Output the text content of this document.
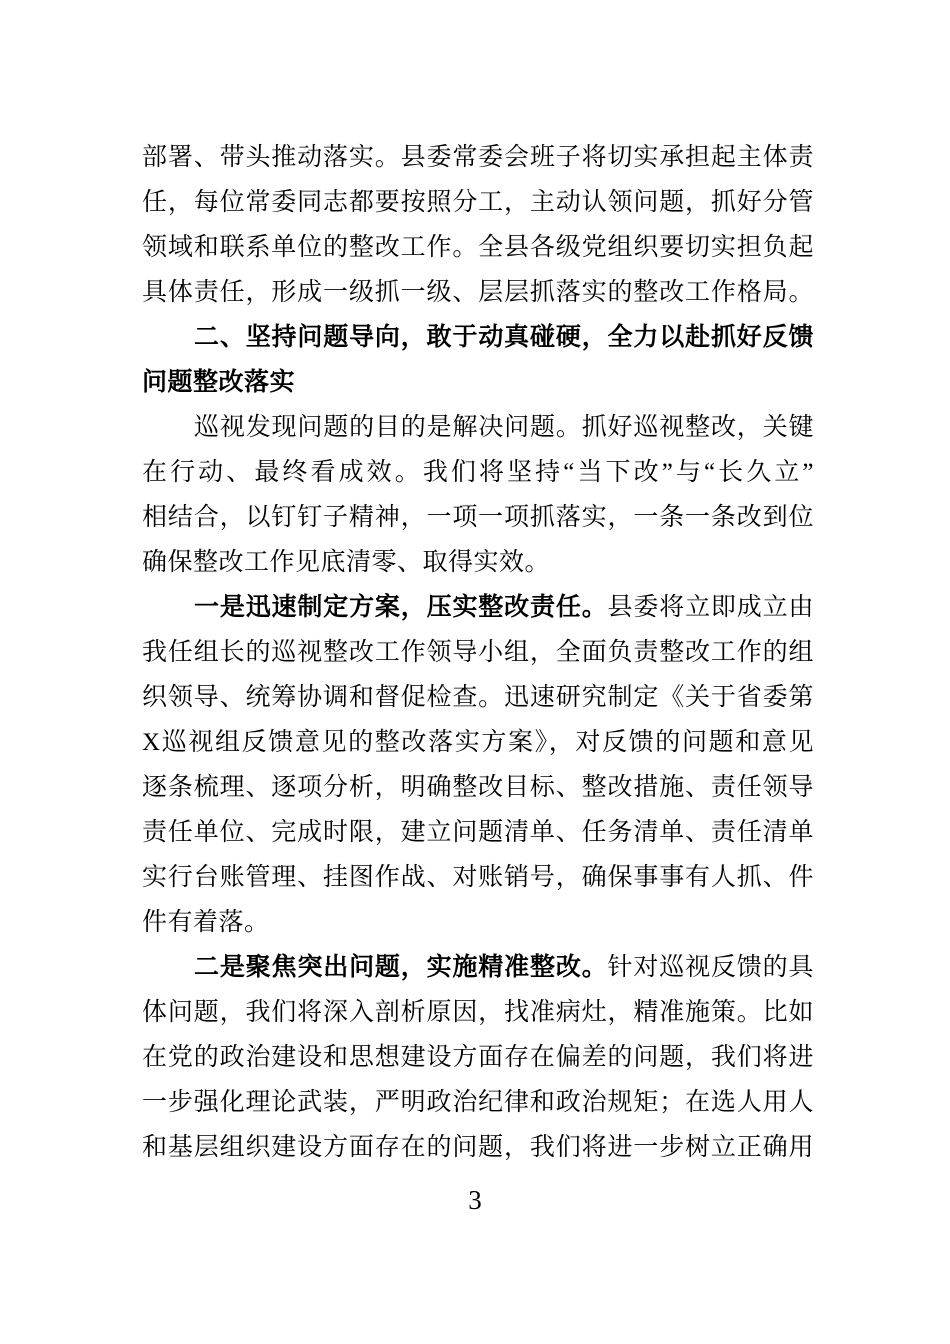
部署、带头推动落实。县委常委会班子将切实承担起主体责
任，每位常委同志都要按照分工，主动认领问题，抓好分管
领域和联系单位的整改工作。全县各级党组织要切实担负起
具体责任，形成一级抓一级、层层抓落实的整改工作格局。
二、坚持问题导向，敢于动真碰硬，全力以赴抓好反馈
问题整改落实
巡视发现问题的目的是解决问题。抓好巡视整改，关键
在行动、最终看成效。我们将坚持“当下改”与“长久立”
相结合，以钉钉子精神，一项一项抓落实，一条一条改到位
确保整改工作见底清零、取得实效。
一是迅速制定方案，压实整改责任。县委将立即成立由
我任组长的巡视整改工作领导小组，全面负责整改工作的组
织领导、统筹协调和督促检查。迅速研究制定《关于省委第
X巡视组反馈意见的整改落实方案》，对反馈的问题和意见
逐条梳理、逐项分析，明确整改目标、整改措施、责任领导
责任单位、完成时限，建立问题清单、任务清单、责任清单
实行台账管理、挂图作战、对账销号，确保事事有人抓、件
件有着落。
二是聚焦突出问题，实施精准整改。针对巡视反馈的具
体问题，我们将深入剖析原因，找准病灶，精准施策。比如
在党的政治建设和思想建设方面存在偏差的问题，我们将进
一步强化理论武装，严明政治纪律和政治规矩；在选人用人
和基层组织建设方面存在的问题，我们将进一步树立正确用
3
